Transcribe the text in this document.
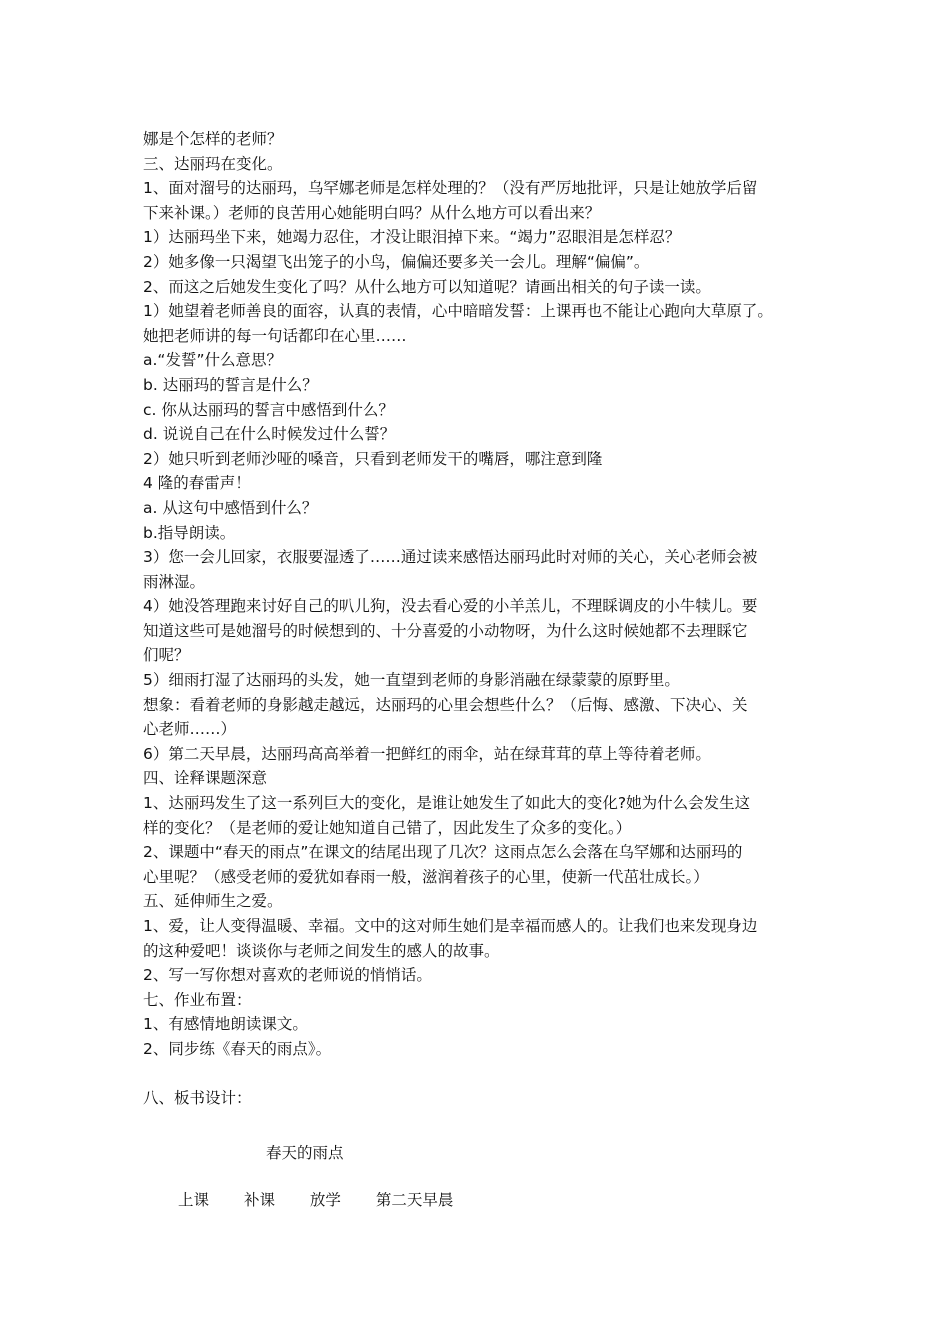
娜是个怎样的老师？

三、达丽玛在变化。

1、面对溜号的达丽玛，乌罕娜老师是怎样处理的？（没有严厉地批评，只是让她放学后留

下来补课。）老师的良苦用心她能明白吗？从什么地方可以看出来？

1）达丽玛坐下来，她竭力忍住，才没让眼泪掉下来。“竭力”忍眼泪是怎样忍？

2）她多像一只渴望飞出笼子的小鸟，偏偏还要多关一会儿。理解“偏偏”。

2、而这之后她发生变化了吗？从什么地方可以知道呢？请画出相关的句子读一读。

1）她望着老师善良的面容，认真的表情，心中暗暗发誓：上课再也不能让心跑向大草原了。

她把老师讲的每一句话都印在心里……

a.“发誓”什么意思？

b. 达丽玛的誓言是什么？

c. 你从达丽玛的誓言中感悟到什么？

d. 说说自己在什么时候发过什么誓？

2）她只听到老师沙哑的嗓音，只看到老师发干的嘴唇，哪注意到隆

4 隆的春雷声！

a. 从这句中感悟到什么？

b.指导朗读。

3）您一会儿回家，衣服要湿透了……通过读来感悟达丽玛此时对师的关心，关心老师会被

雨淋湿。

4）她没答理跑来讨好自己的叭儿狗，没去看心爱的小羊羔儿，不理睬调皮的小牛犊儿。要

知道这些可是她溜号的时候想到的、十分喜爱的小动物呀，为什么这时候她都不去理睬它

们呢？

5）细雨打湿了达丽玛的头发，她一直望到老师的身影消融在绿蒙蒙的原野里。

想象：看着老师的身影越走越远，达丽玛的心里会想些什么？（后悔、感激、下决心、关

心老师……）

6）第二天早晨，达丽玛高高举着一把鲜红的雨伞，站在绿茸茸的草上等待着老师。

四、诠释课题深意

1、达丽玛发生了这一系列巨大的变化，是谁让她发生了如此大的变化?她为什么会发生这

样的变化？（是老师的爱让她知道自己错了，因此发生了众多的变化。）

2、课题中“春天的雨点”在课文的结尾出现了几次？这雨点怎么会落在乌罕娜和达丽玛的

心里呢？（感受老师的爱犹如春雨一般，滋润着孩子的心里，使新一代茁壮成长。）

五、延伸师生之爱。

1、爱，让人变得温暖、幸福。文中的这对师生她们是幸福而感人的。让我们也来发现身边

的这种爱吧！谈谈你与老师之间发生的感人的故事。

2、写一写你想对喜欢的老师说的悄悄话。

七、作业布置：

1、有感情地朗读课文。

2、同步练《春天的雨点》。

八、板书设计：

春天的雨点
上课 补课 放学 第二天早晨
